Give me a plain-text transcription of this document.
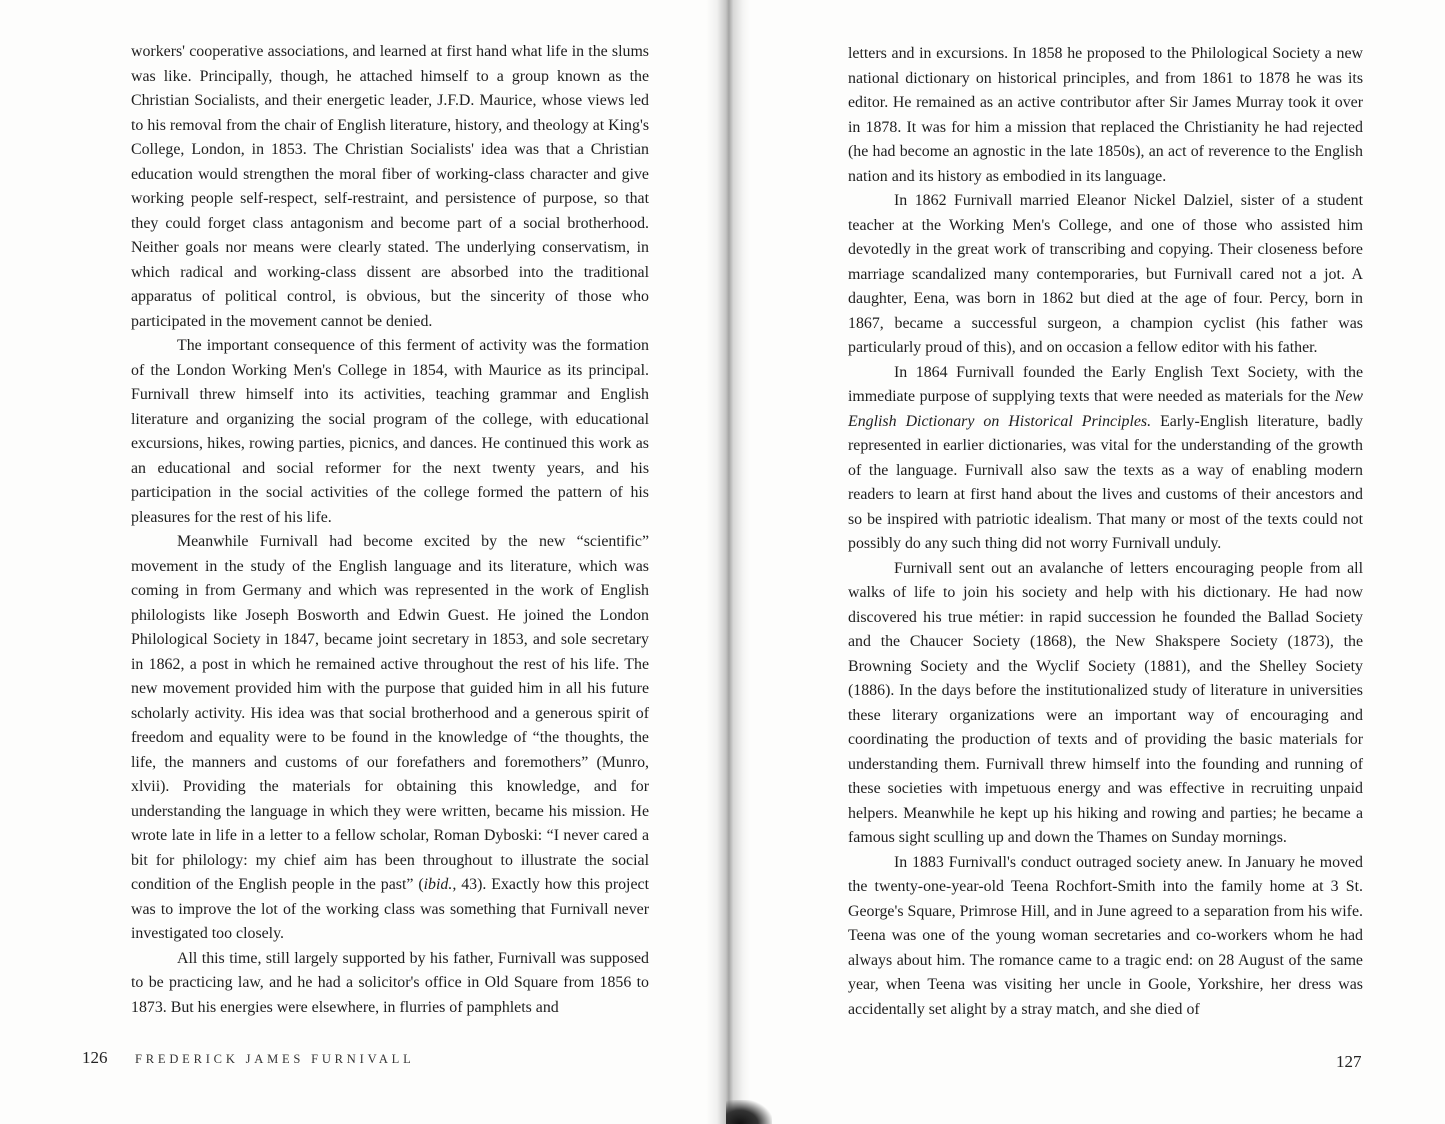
workers' cooperative associations, and learned at first hand what life in the slums was like. Principally, though, he attached himself to a group known as the Christian Socialists, and their energetic leader, J.F.D. Maurice, whose views led to his removal from the chair of English literature, history, and theology at King's College, London, in 1853. The Christian Socialists' idea was that a Christian education would strengthen the moral fiber of working-class character and give working people self-respect, self-restraint, and persistence of purpose, so that they could forget class antagonism and become part of a social brotherhood. Neither goals nor means were clearly stated. The underlying conservatism, in which radical and working-class dissent are absorbed into the traditional apparatus of political control, is obvious, but the sincerity of those who participated in the movement cannot be denied.

The important consequence of this ferment of activity was the formation of the London Working Men's College in 1854, with Maurice as its principal. Furnivall threw himself into its activities, teaching grammar and English literature and organizing the social program of the college, with educational excursions, hikes, rowing parties, picnics, and dances. He continued this work as an educational and social reformer for the next twenty years, and his participation in the social activities of the college formed the pattern of his pleasures for the rest of his life.

Meanwhile Furnivall had become excited by the new “scientific” movement in the study of the English language and its literature, which was coming in from Germany and which was represented in the work of English philologists like Joseph Bosworth and Edwin Guest. He joined the London Philological Society in 1847, became joint secretary in 1853, and sole secretary in 1862, a post in which he remained active throughout the rest of his life. The new movement provided him with the purpose that guided him in all his future scholarly activity. His idea was that social brotherhood and a generous spirit of freedom and equality were to be found in the knowledge of “the thoughts, the life, the manners and customs of our forefathers and foremothers” (Munro, xlvii). Providing the materials for obtaining this knowledge, and for understanding the language in which they were written, became his mission. He wrote late in life in a letter to a fellow scholar, Roman Dyboski: “I never cared a bit for philology: my chief aim has been throughout to illustrate the social condition of the English people in the past” (ibid., 43). Exactly how this project was to improve the lot of the working class was something that Furnivall never investigated too closely.

All this time, still largely supported by his father, Furnivall was supposed to be practicing law, and he had a solicitor's office in Old Square from 1856 to 1873. But his energies were elsewhere, in flurries of pamphlets and

126 FREDERICK JAMES FURNIVALL

letters and in excursions. In 1858 he proposed to the Philological Society a new national dictionary on historical principles, and from 1861 to 1878 he was its editor. He remained as an active contributor after Sir James Murray took it over in 1878. It was for him a mission that replaced the Christianity he had rejected (he had become an agnostic in the late 1850s), an act of reverence to the English nation and its history as embodied in its language.

In 1862 Furnivall married Eleanor Nickel Dalziel, sister of a student teacher at the Working Men's College, and one of those who assisted him devotedly in the great work of transcribing and copying. Their closeness before marriage scandalized many contemporaries, but Furnivall cared not a jot. A daughter, Eena, was born in 1862 but died at the age of four. Percy, born in 1867, became a successful surgeon, a champion cyclist (his father was particularly proud of this), and on occasion a fellow editor with his father.

In 1864 Furnivall founded the Early English Text Society, with the immediate purpose of supplying texts that were needed as materials for the New English Dictionary on Historical Principles. Early-English literature, badly represented in earlier dictionaries, was vital for the understanding of the growth of the language. Furnivall also saw the texts as a way of enabling modern readers to learn at first hand about the lives and customs of their ancestors and so be inspired with patriotic idealism. That many or most of the texts could not possibly do any such thing did not worry Furnivall unduly.

Furnivall sent out an avalanche of letters encouraging people from all walks of life to join his society and help with his dictionary. He had now discovered his true métier: in rapid succession he founded the Ballad Society and the Chaucer Society (1868), the New Shakspere Society (1873), the Browning Society and the Wyclif Society (1881), and the Shelley Society (1886). In the days before the institutionalized study of literature in universities these literary organizations were an important way of encouraging and coordinating the production of texts and of providing the basic materials for understanding them. Furnivall threw himself into the founding and running of these societies with impetuous energy and was effective in recruiting unpaid helpers. Meanwhile he kept up his hiking and rowing and parties; he became a famous sight sculling up and down the Thames on Sunday mornings.

In 1883 Furnivall's conduct outraged society anew. In January he moved the twenty-one-year-old Teena Rochfort-Smith into the family home at 3 St. George's Square, Primrose Hill, and in June agreed to a separation from his wife. Teena was one of the young woman secretaries and co-workers whom he had always about him. The romance came to a tragic end: on 28 August of the same year, when Teena was visiting her uncle in Goole, Yorkshire, her dress was accidentally set alight by a stray match, and she died of

127
